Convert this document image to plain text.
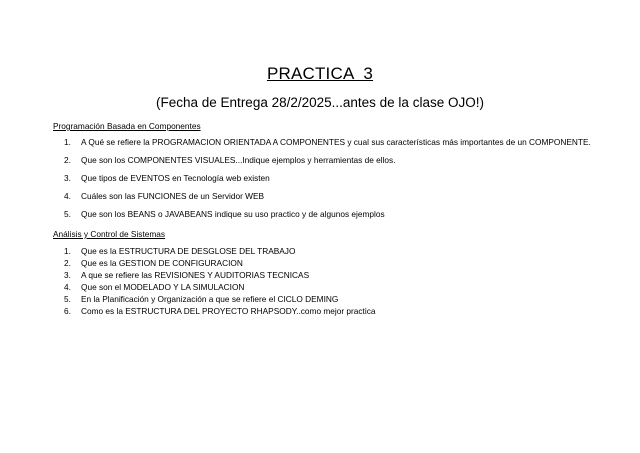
PRACTICA  3
(Fecha de Entrega 28/2/2025...antes de la clase OJO!)
Programación Basada en Componentes
1.	A Qué se refiere la PROGRAMACION ORIENTADA A COMPONENTES y cual sus características más importantes de un COMPONENTE.
2.	Que son los COMPONENTES VISUALES...Indique ejemplos y herramientas de ellos.
3.	Que tipos de EVENTOS en Tecnología web existen
4.	Cuáles son las FUNCIONES de un Servidor WEB
5.	Que son los BEANS o JAVABEANS indique su uso practico y de algunos ejemplos
Análisis y Control de Sistemas
1.	Que es la ESTRUCTURA DE DESGLOSE DEL TRABAJO
2.	Que es la GESTION DE CONFIGURACION
3.	A que se refiere las REVISIONES Y AUDITORIAS TECNICAS
4.	Que son el MODELADO Y LA SIMULACION
5.	En la Planificación y Organización a que se refiere el CICLO DEMING
6.	Como es la ESTRUCTURA DEL PROYECTO RHAPSODY..como mejor practica
